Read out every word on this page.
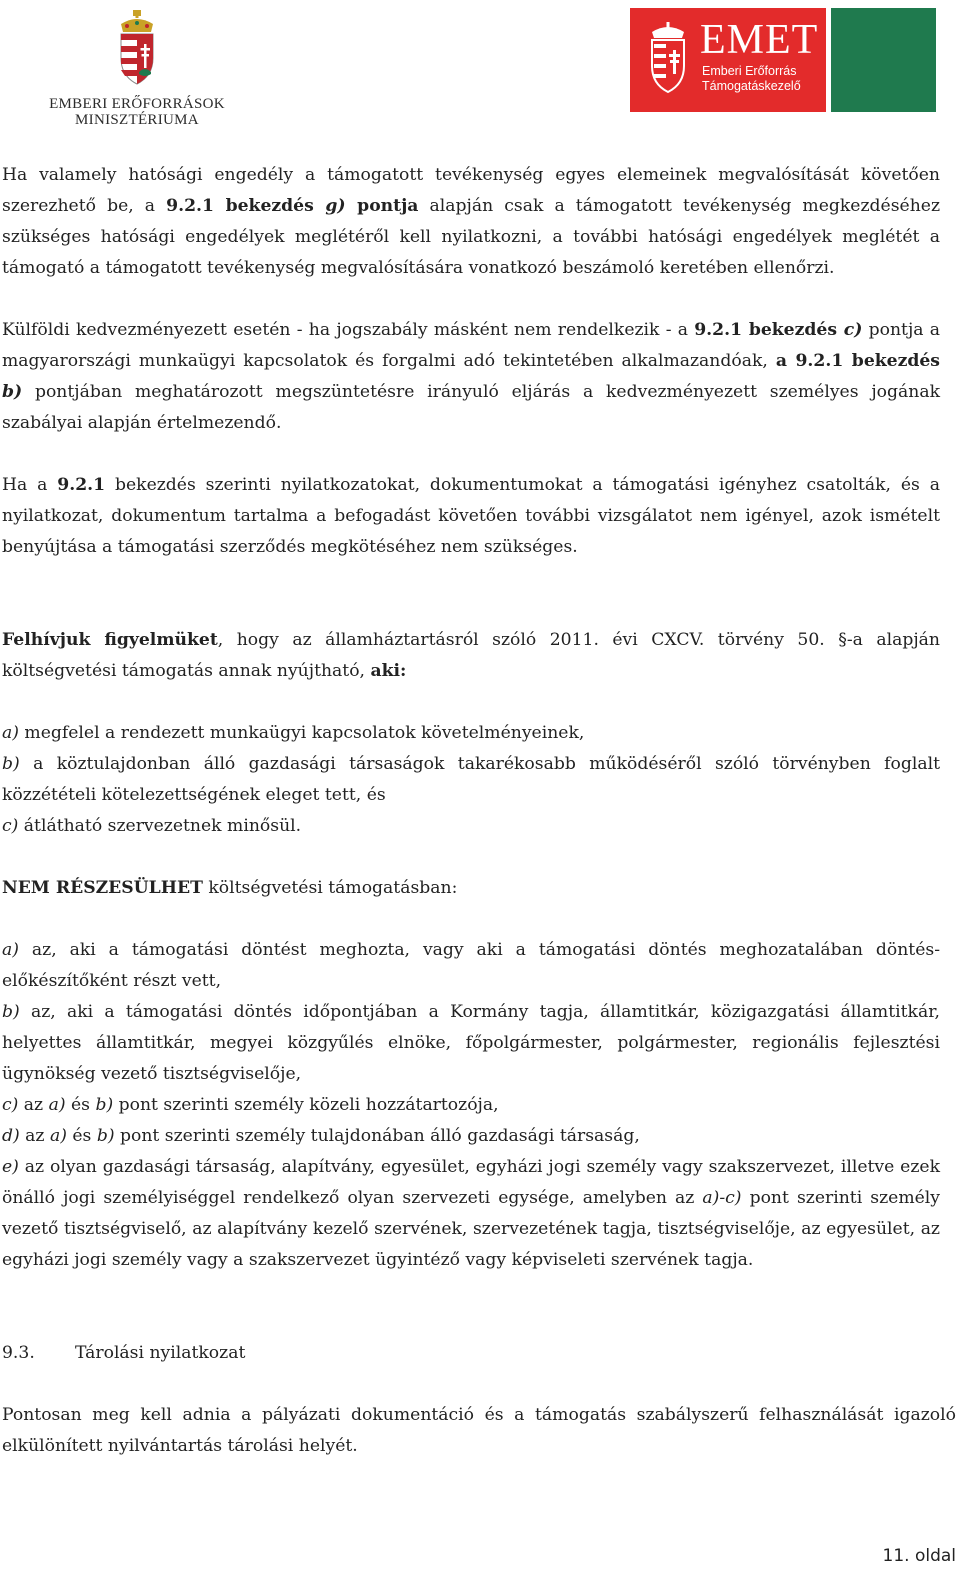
EMBERI ERŐFORRÁSOK
MINISZTÉRIUMA
EMET
Emberi Erőforrás
Támogatáskezelő

Ha valamely hatósági engedély a támogatott tevékenység egyes elemeinek megvalósítását követően szerezhető be, a 9.2.1 bekezdés g) pontja alapján csak a támogatott tevékenység megkezdéséhez szükséges hatósági engedélyek meglétéről kell nyilatkozni, a további hatósági engedélyek meglétét a támogató a támogatott tevékenység megvalósítására vonatkozó beszámoló keretében ellenőrzi.

Külföldi kedvezményezett esetén - ha jogszabály másként nem rendelkezik - a 9.2.1 bekezdés c) pontja a magyarországi munkaügyi kapcsolatok és forgalmi adó tekintetében alkalmazandóak, a 9.2.1 bekezdés b) pontjában meghatározott megszüntetésre irányuló eljárás a kedvezményezett személyes jogának szabályai alapján értelmezendő.

Ha a 9.2.1 bekezdés szerinti nyilatkozatokat, dokumentumokat a támogatási igényhez csatolták, és a nyilatkozat, dokumentum tartalma a befogadást követően további vizsgálatot nem igényel, azok ismételt benyújtása a támogatási szerződés megkötéséhez nem szükséges.

Felhívjuk figyelmüket, hogy az államháztartásról szóló 2011. évi CXCV. törvény 50. §-a alapján költségvetési támogatás annak nyújtható, aki:

a) megfelel a rendezett munkaügyi kapcsolatok követelményeinek,

b) a köztulajdonban álló gazdasági társaságok takarékosabb működéséről szóló törvényben foglalt közzétételi kötelezettségének eleget tett, és

c) átlátható szervezetnek minősül.

NEM RÉSZESÜLHET költségvetési támogatásban:

a) az, aki a támogatási döntést meghozta, vagy aki a támogatási döntés meghozatalában döntés-előkészítőként részt vett,

b) az, aki a támogatási döntés időpontjában a Kormány tagja, államtitkár, közigazgatási államtitkár, helyettes államtitkár, megyei közgyűlés elnöke, főpolgármester, polgármester, regionális fejlesztési ügynökség vezető tisztségviselője,

c) az a) és b) pont szerinti személy közeli hozzátartozója,

d) az a) és b) pont szerinti személy tulajdonában álló gazdasági társaság,

e) az olyan gazdasági társaság, alapítvány, egyesület, egyházi jogi személy vagy szakszervezet, illetve ezek önálló jogi személyiséggel rendelkező olyan szervezeti egysége, amelyben az a)-c) pont szerinti személy vezető tisztségviselő, az alapítvány kezelő szervének, szervezetének tagja, tisztségviselője, az egyesület, az egyházi jogi személy vagy a szakszervezet ügyintéző vagy képviseleti szervének tagja.

9.3.	Tárolási nyilatkozat

Pontosan meg kell adnia a pályázati dokumentáció és a támogatás szabályszerű felhasználását igazoló elkülönített nyilvántartás tárolási helyét.

11. oldal
